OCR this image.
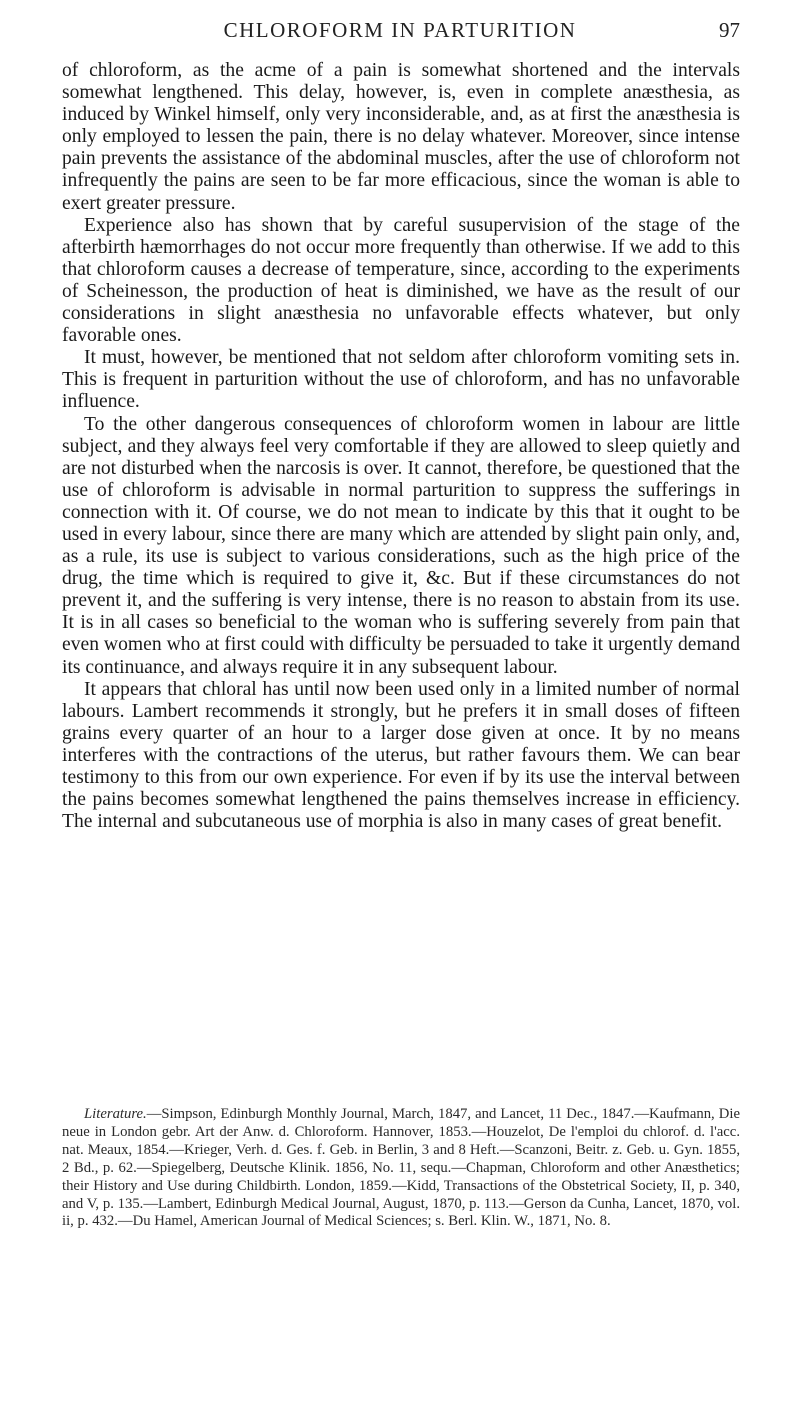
CHLOROFORM IN PARTURITION	97

of chloroform, as the acme of a pain is somewhat shortened and the intervals somewhat lengthened. This delay, however, is, even in complete anæsthesia, as induced by Winkel himself, only very inconsiderable, and, as at first the anæsthesia is only employed to lessen the pain, there is no delay whatever. Moreover, since intense pain prevents the assistance of the abdominal muscles, after the use of chloroform not infrequently the pains are seen to be far more efficacious, since the woman is able to exert greater pressure.

Experience also has shown that by careful susupervision of the stage of the afterbirth hæmorrhages do not occur more frequently than otherwise. If we add to this that chloroform causes a decrease of temperature, since, according to the experiments of Scheinesson, the production of heat is diminished, we have as the result of our considerations in slight anæsthesia no unfavorable effects whatever, but only favorable ones.

It must, however, be mentioned that not seldom after chloroform vomiting sets in. This is frequent in parturition without the use of chloroform, and has no unfavorable influence.

To the other dangerous consequences of chloroform women in labour are little subject, and they always feel very comfortable if they are allowed to sleep quietly and are not disturbed when the narcosis is over. It cannot, therefore, be questioned that the use of chloroform is advisable in normal parturition to suppress the sufferings in connection with it. Of course, we do not mean to indicate by this that it ought to be used in every labour, since there are many which are attended by slight pain only, and, as a rule, its use is subject to various considerations, such as the high price of the drug, the time which is required to give it, &c. But if these circumstances do not prevent it, and the suffering is very intense, there is no reason to abstain from its use. It is in all cases so beneficial to the woman who is suffering severely from pain that even women who at first could with difficulty be persuaded to take it urgently demand its continuance, and always require it in any subsequent labour.

It appears that chloral has until now been used only in a limited number of normal labours. Lambert recommends it strongly, but he prefers it in small doses of fifteen grains every quarter of an hour to a larger dose given at once. It by no means interferes with the contractions of the uterus, but rather favours them. We can bear testimony to this from our own experience. For even if by its use the interval between the pains becomes somewhat lengthened the pains themselves increase in efficiency. The internal and subcutaneous use of morphia is also in many cases of great benefit.

Literature.—Simpson, Edinburgh Monthly Journal, March, 1847, and Lancet, 11 Dec., 1847.—Kaufmann, Die neue in London gebr. Art der Anw. d. Chloroform. Hannover, 1853.—Houzelot, De l'emploi du chlorof. d. l'acc. nat. Meaux, 1854.—Krieger, Verh. d. Ges. f. Geb. in Berlin, 3 and 8 Heft.—Scanzoni, Beitr. z. Geb. u. Gyn. 1855, 2 Bd., p. 62.—Spiegelberg, Deutsche Klinik. 1856, No. 11, sequ.—Chapman, Chloroform and other Anæsthetics; their History and Use during Childbirth. London, 1859.—Kidd, Transactions of the Obstetrical Society, II, p. 340, and V, p. 135.—Lambert, Edinburgh Medical Journal, August, 1870, p. 113.—Gerson da Cunha, Lancet, 1870, vol. ii, p. 432.—Du Hamel, American Journal of Medical Sciences; s. Berl. Klin. W., 1871, No. 8.
